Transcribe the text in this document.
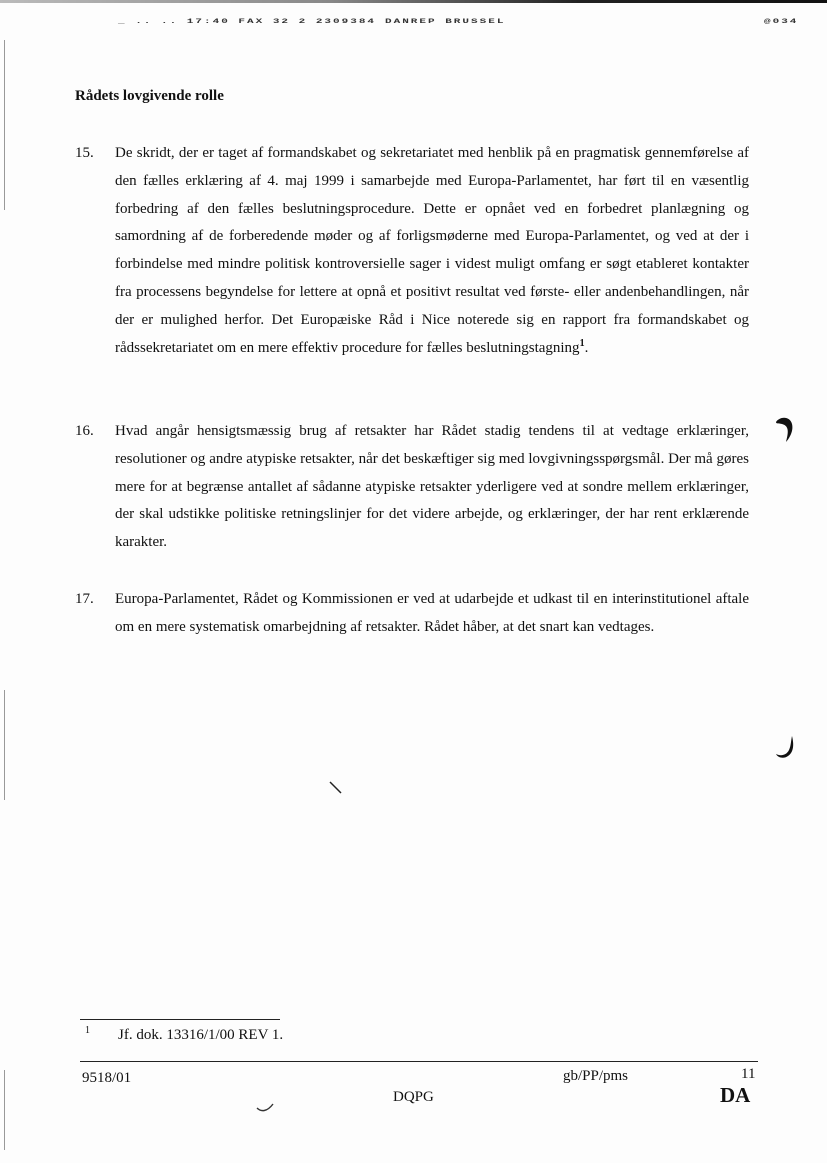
_ .. .. 17:40 FAX 32 2 2309384 DANREP BRUSSEL	@034
Rådets lovgivende rolle
15. De skridt, der er taget af formandskabet og sekretariatet med henblik på en pragmatisk gennemførelse af den fælles erklæring af 4. maj 1999 i samarbejde med Europa-Parlamentet, har ført til en væsentlig forbedring af den fælles beslutningsprocedure. Dette er opnået ved en forbedret planlægning og samordning af de forberedende møder og af forligsmøderne med Europa-Parlamentet, og ved at der i forbindelse med mindre politisk kontroversielle sager i videst muligt omfang er søgt etableret kontakter fra processens begyndelse for lettere at opnå et positivt resultat ved første- eller andenbehandlingen, når der er mulighed herfor. Det Europæiske Råd i Nice noterede sig en rapport fra formandskabet og rådssekretariatet om en mere effektiv procedure for fælles beslutningstagning$^1$.
16. Hvad angår hensigtsmæssig brug af retsakter har Rådet stadig tendens til at vedtage erklæringer, resolutioner og andre atypiske retsakter, når det beskæftiger sig med lovgivningsspørgsmål. Der må gøres mere for at begrænse antallet af sådanne atypiske retsakter yderligere ved at sondre mellem erklæringer, der skal udstikke politiske retningslinjer for det videre arbejde, og erklæringer, der har rent erklærende karakter.
17. Europa-Parlamentet, Rådet og Kommissionen er ved at udarbejde et udkast til en interinstitutionel aftale om en mere systematisk omarbejdning af retsakter. Rådet håber, at det snart kan vedtages.
1 Jf. dok. 13316/1/00 REV 1.
9518/01	gb/PP/pms	11
DQPG	DA
